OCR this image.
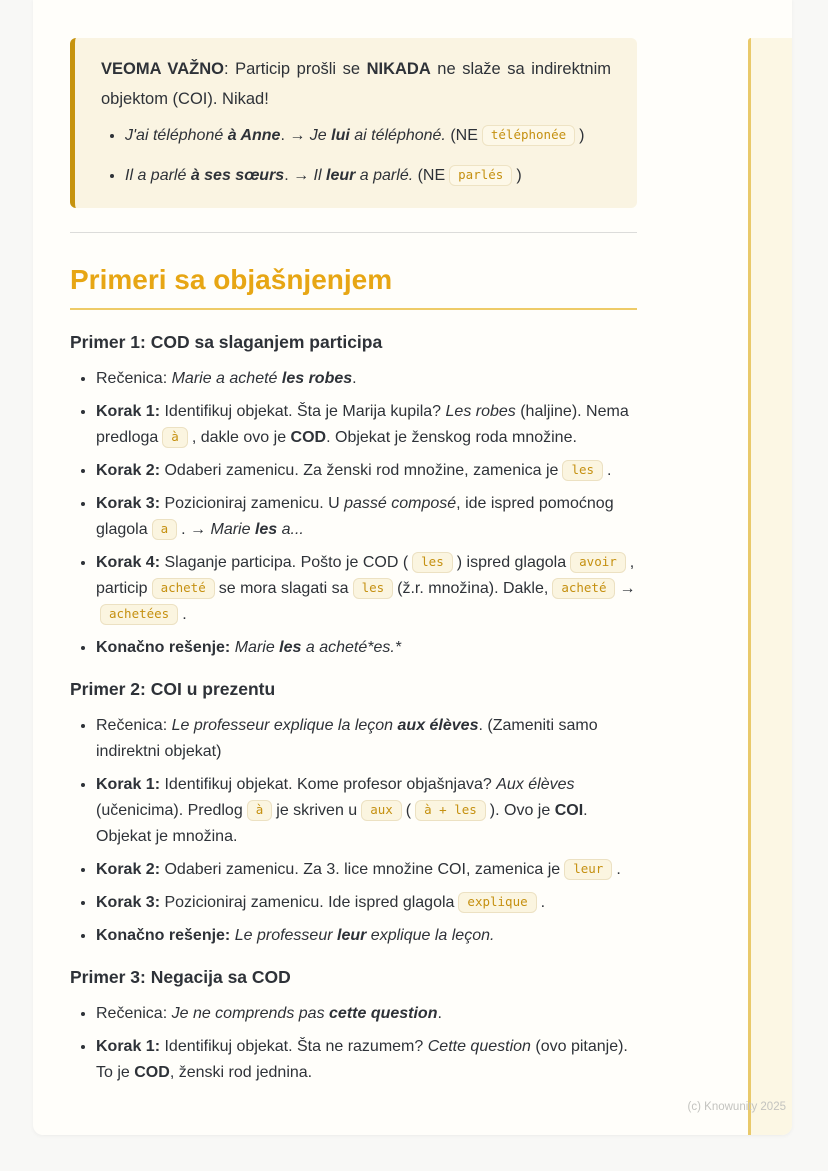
VEOMA VAŽNO: Particip prošli se NIKADA ne slaže sa indirektnim objektom (COI). Nikad!

• J'ai téléphoné à Anne. → Je lui ai téléphoné. (NE téléphonée )
• Il a parlé à ses sœurs. → Il leur a parlé. (NE parlés )
Primeri sa objašnjenjem
Primer 1: COD sa slaganjem participa
• Rečenica: Marie a acheté les robes.
• Korak 1: Identifikuj objekat. Šta je Marija kupila? Les robes (haljine). Nema predloga à , dakle ovo je COD. Objekat je ženskog roda množine.
• Korak 2: Odaberi zamenicu. Za ženski rod množine, zamenica je les .
• Korak 3: Pozicioniraj zamenicu. U passé composé, ide ispred pomoćnog glagola a . → Marie les a...
• Korak 4: Slaganje participa. Pošto je COD ( les ) ispred glagola avoir , particip acheté se mora slagati sa les (ž.r. množina). Dakle, acheté →achetées .
• Konačno rešenje: Marie les a acheté*es.*
Primer 2: COI u prezentu
• Rečenica: Le professeur explique la leçon aux élèves. (Zameniti samo indirektni objekat)
• Korak 1: Identifikuj objekat. Kome profesor objašnjava? Aux élèves (učenicima). Predlog à je skriven u aux ( à + les ). Ovo je COI. Objekat je množina.
• Korak 2: Odaberi zamenicu. Za 3. lice množine COI, zamenica je leur .
• Korak 3: Pozicioniraj zamenicu. Ide ispred glagola explique .
• Konačno rešenje: Le professeur leur explique la leçon.
Primer 3: Negacija sa COD
• Rečenica: Je ne comprends pas cette question.
• Korak 1: Identifikuj objekat. Šta ne razumem? Cette question (ovo pitanje). To je COD, ženski rod jednina.
(c) Knowunity 2025
